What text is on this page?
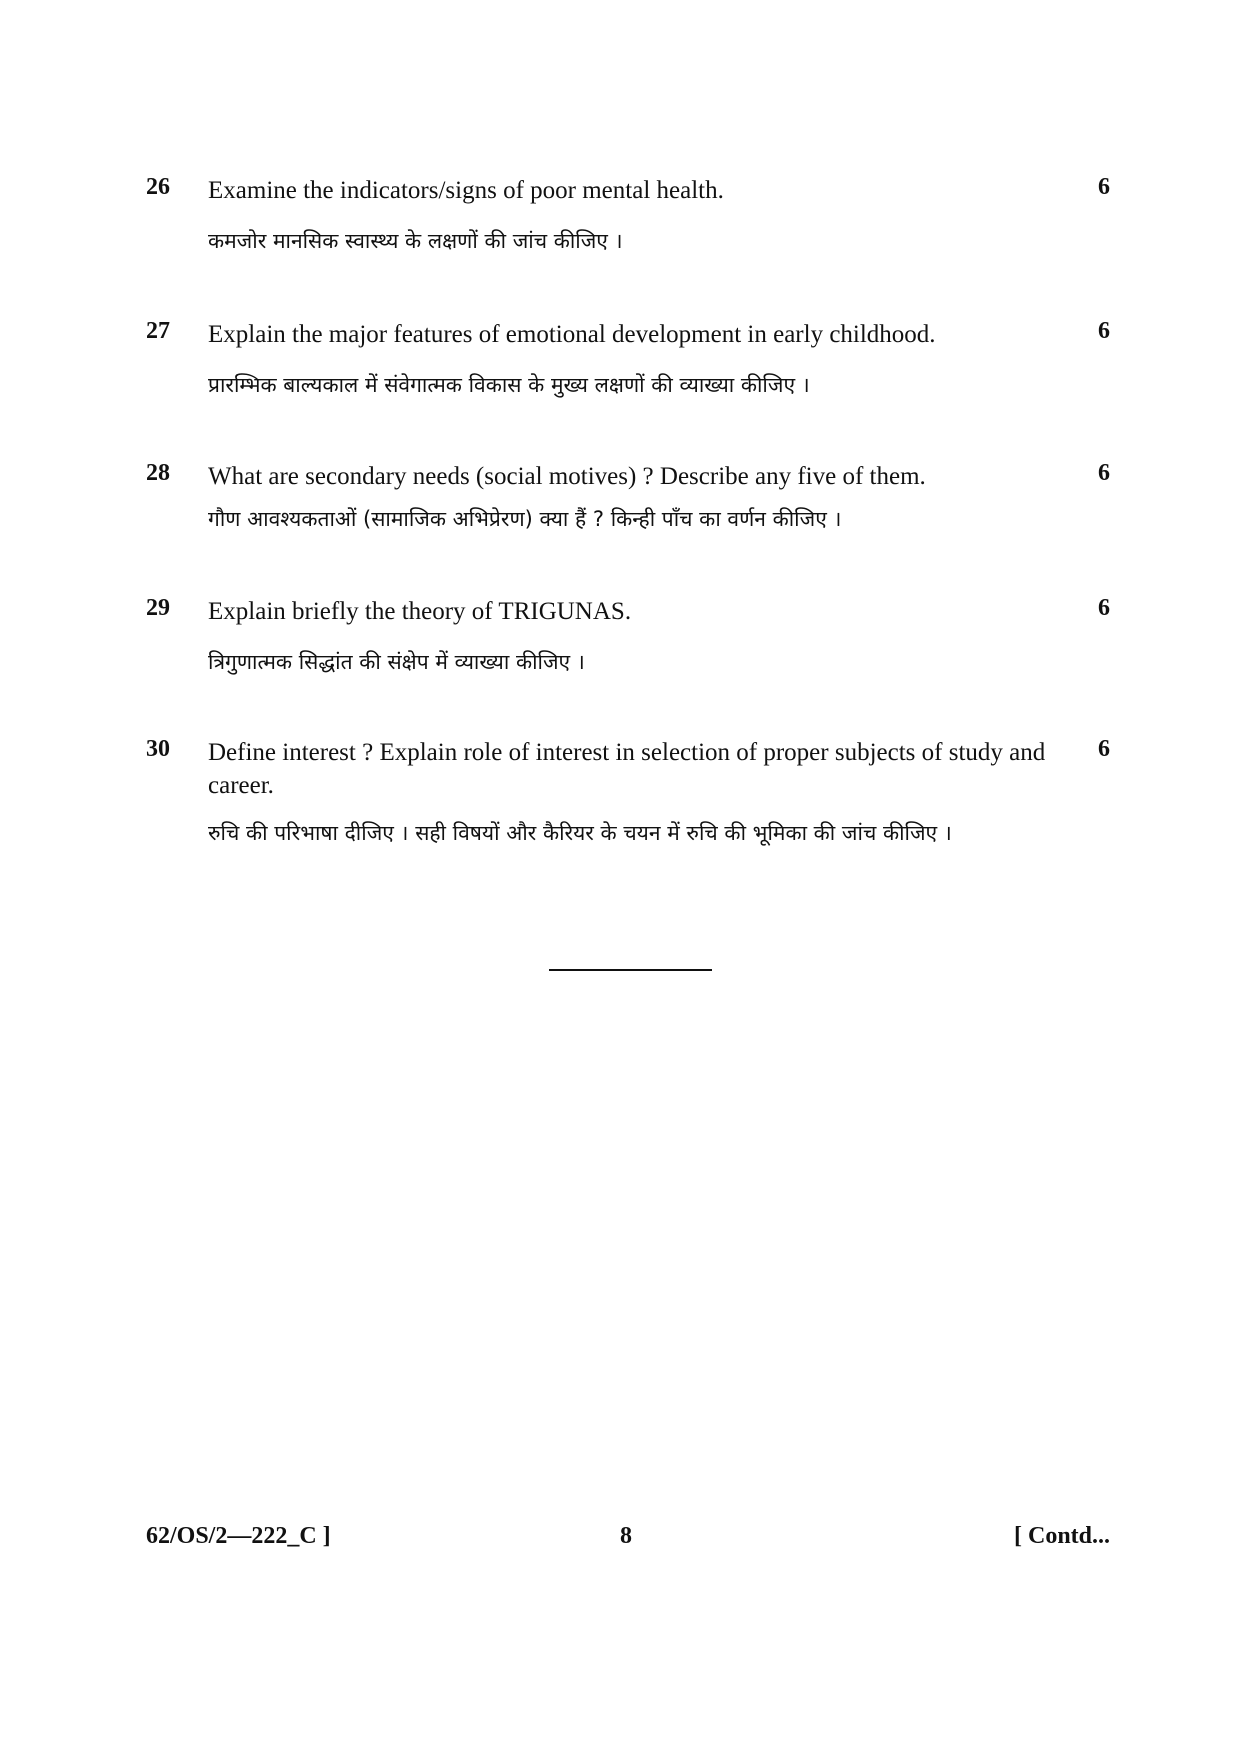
26 Examine the indicators/signs of poor mental health.
कमजोर मानसिक स्वास्थ्य के लक्षणों की जांच कीजिए ।
6
27 Explain the major features of emotional development in early childhood.
प्रारम्भिक बाल्यकाल में संवेगात्मक विकास के मुख्य लक्षणों की व्याख्या कीजिए ।
6
28 What are secondary needs (social motives) ? Describe any five of them.
गौण आवश्यकताओं (सामाजिक अभिप्रेरण) क्या हैं ? किन्ही पाँच का वर्णन कीजिए ।
6
29 Explain briefly the theory of TRIGUNAS.
त्रिगुणात्मक सिद्धांत की संक्षेप में व्याख्या कीजिए ।
6
30 Define interest ? Explain role of interest in selection of proper subjects of study and career.
रुचि की परिभाषा दीजिए । सही विषयों और कैरियर के चयन में रुचि की भूमिका की जांच कीजिए ।
6
62/OS/2—222_C ]	8	[ Contd...
